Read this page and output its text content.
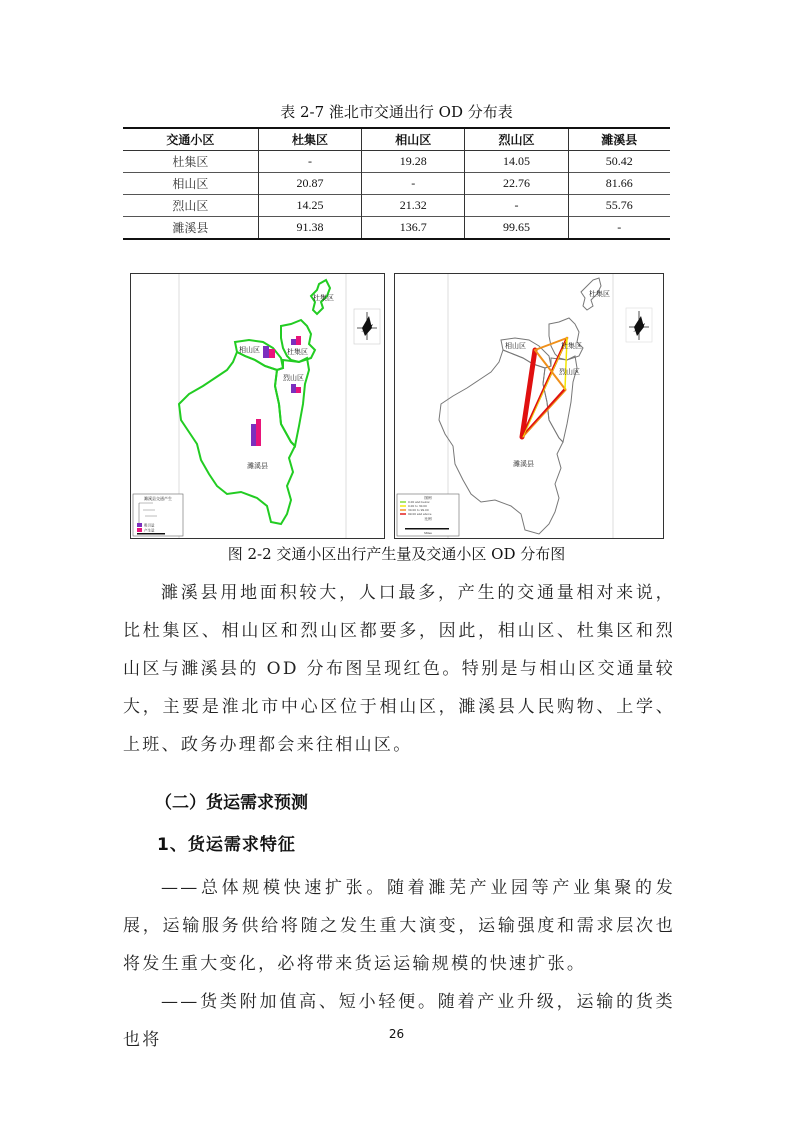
表 2-7 淮北市交通出行 OD 分布表
交通小区	杜集区	相山区	烈山区	濉溪县
杜集区	-	19.28	14.05	50.42
相山区	20.87	-	22.76	81.66
烈山区	14.25	21.32	-	55.76
濉溪县	91.38	136.7	99.65	-
杜集区
相山区	杜集区
烈山区
濉溪县
濉溪县交通产生
吸引量
产生量
杜集区
相山区	杜集区
烈山区
濉溪县
图例
0.00 and below
0.00 to 30.00
30.00 to 99.00
99.00 and above
比例
Miles
图 2-2 交通小区出行产生量及交通小区 OD 分布图
濉溪县用地面积较大，人口最多，产生的交通量相对来说，比杜集区、相山区和烈山区都要多，因此，相山区、杜集区和烈山区与濉溪县的 OD 分布图呈现红色。特别是与相山区交通量较大，主要是淮北市中心区位于相山区，濉溪县人民购物、上学、上班、政务办理都会来往相山区。
（二）货运需求预测
1、货运需求特征
——总体规模快速扩张。随着濉芜产业园等产业集聚的发展，运输服务供给将随之发生重大演变，运输强度和需求层次也将发生重大变化，必将带来货运运输规模的快速扩张。
——货类附加值高、短小轻便。随着产业升级，运输的货类也将	26
